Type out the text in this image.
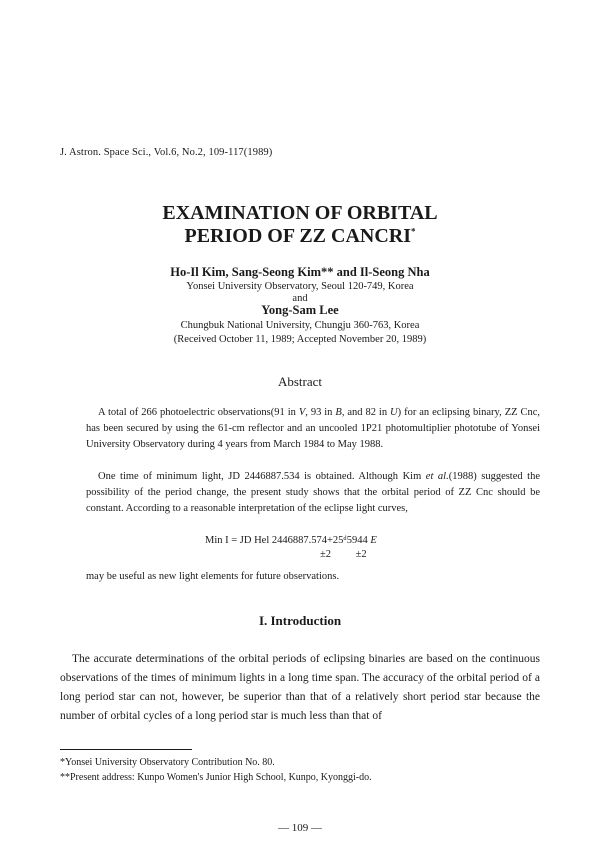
J. Astron. Space Sci., Vol.6, No.2, 109-117(1989)
EXAMINATION OF ORBITAL
PERIOD OF ZZ CANCRI*
Ho-Il Kim, Sang-Seong Kim** and Il-Seong Nha
Yonsei University Observatory, Seoul 120-749, Korea
and
Yong-Sam Lee
Chungbuk National University, Chungju 360-763, Korea
(Received October 11, 1989; Accepted November 20, 1989)
Abstract

A total of 266 photoelectric observations(91 in V, 93 in B, and 82 in U) for an eclipsing binary, ZZ Cnc, has been secured by using the 61-cm reflector and an uncooled 1P21 photomultiplier phototube of Yonsei University Observatory during 4 years from March 1984 to May 1988.

One time of minimum light, JD 2446887.534 is obtained. Although Kim et al.(1988) suggested the possibility of the period change, the present study shows that the orbital period of ZZ Cnc should be constant. According to a reasonable interpretation of the eclipse light curves,

Min I = JD Hel 2446887.574+25ᵈ5944 E
±2 ±2

may be useful as new light elements for future observations.

I. Introduction

The accurate determinations of the orbital periods of eclipsing binaries are based on the continuous observations of the times of minimum lights in a long time span. The accuracy of the orbital period of a long period star can not, however, be superior than that of a relatively short period star because the number of orbital cycles of a long period star is much less than that of

*Yonsei University Observatory Contribution No. 80.
**Present address: Kunpo Women's Junior High School, Kunpo, Kyonggi-do.
— 109 —
